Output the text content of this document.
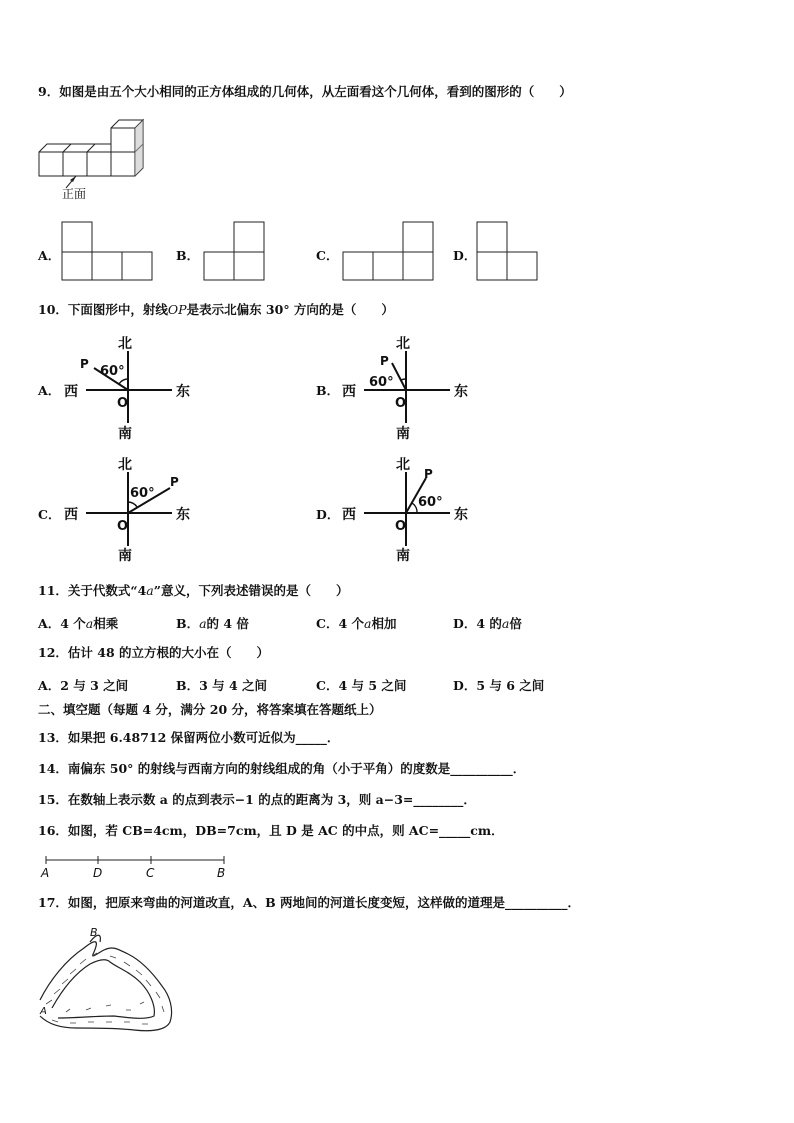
9．如图是由五个大小相同的正方体组成的几何体，从左面看这个几何体，看到的图形的（　　）
正面
A．	B．	C．	D．
10．下面图形中，射线OP是表示北偏东 30° 方向的是（　　）
A．
北
南
西	东
O
P 60°
B．
北
南
西	东
O
P
60°
C．
北
南
西	东
O
P
60°
D．
北
南
西	东
O
P
60°
11．关于代数式“4a”意义，下列表述错误的是（　　）
A．4 个a相乘	B．a的 4 倍	C．4 个a相加	D．4 的a倍
12．估计 48 的立方根的大小在（　　）
A．2 与 3 之间	B．3 与 4 之间	C．4 与 5 之间	D．5 与 6 之间
二、填空题（每题 4 分，满分 20 分，将答案填在答题纸上）
13．如果把 6.48712 保留两位小数可近似为_____．
14．南偏东 50° 的射线与西南方向的射线组成的角（小于平角）的度数是__________．
15．在数轴上表示数 a 的点到表示−1 的点的距离为 3，则 a−3=________．
16．如图，若 CB=4cm，DB=7cm，且 D 是 AC 的中点，则 AC=_____cm．
A	D	C	B
17．如图，把原来弯曲的河道改直，A、B 两地间的河道长度变短，这样做的道理是__________．
B
A
